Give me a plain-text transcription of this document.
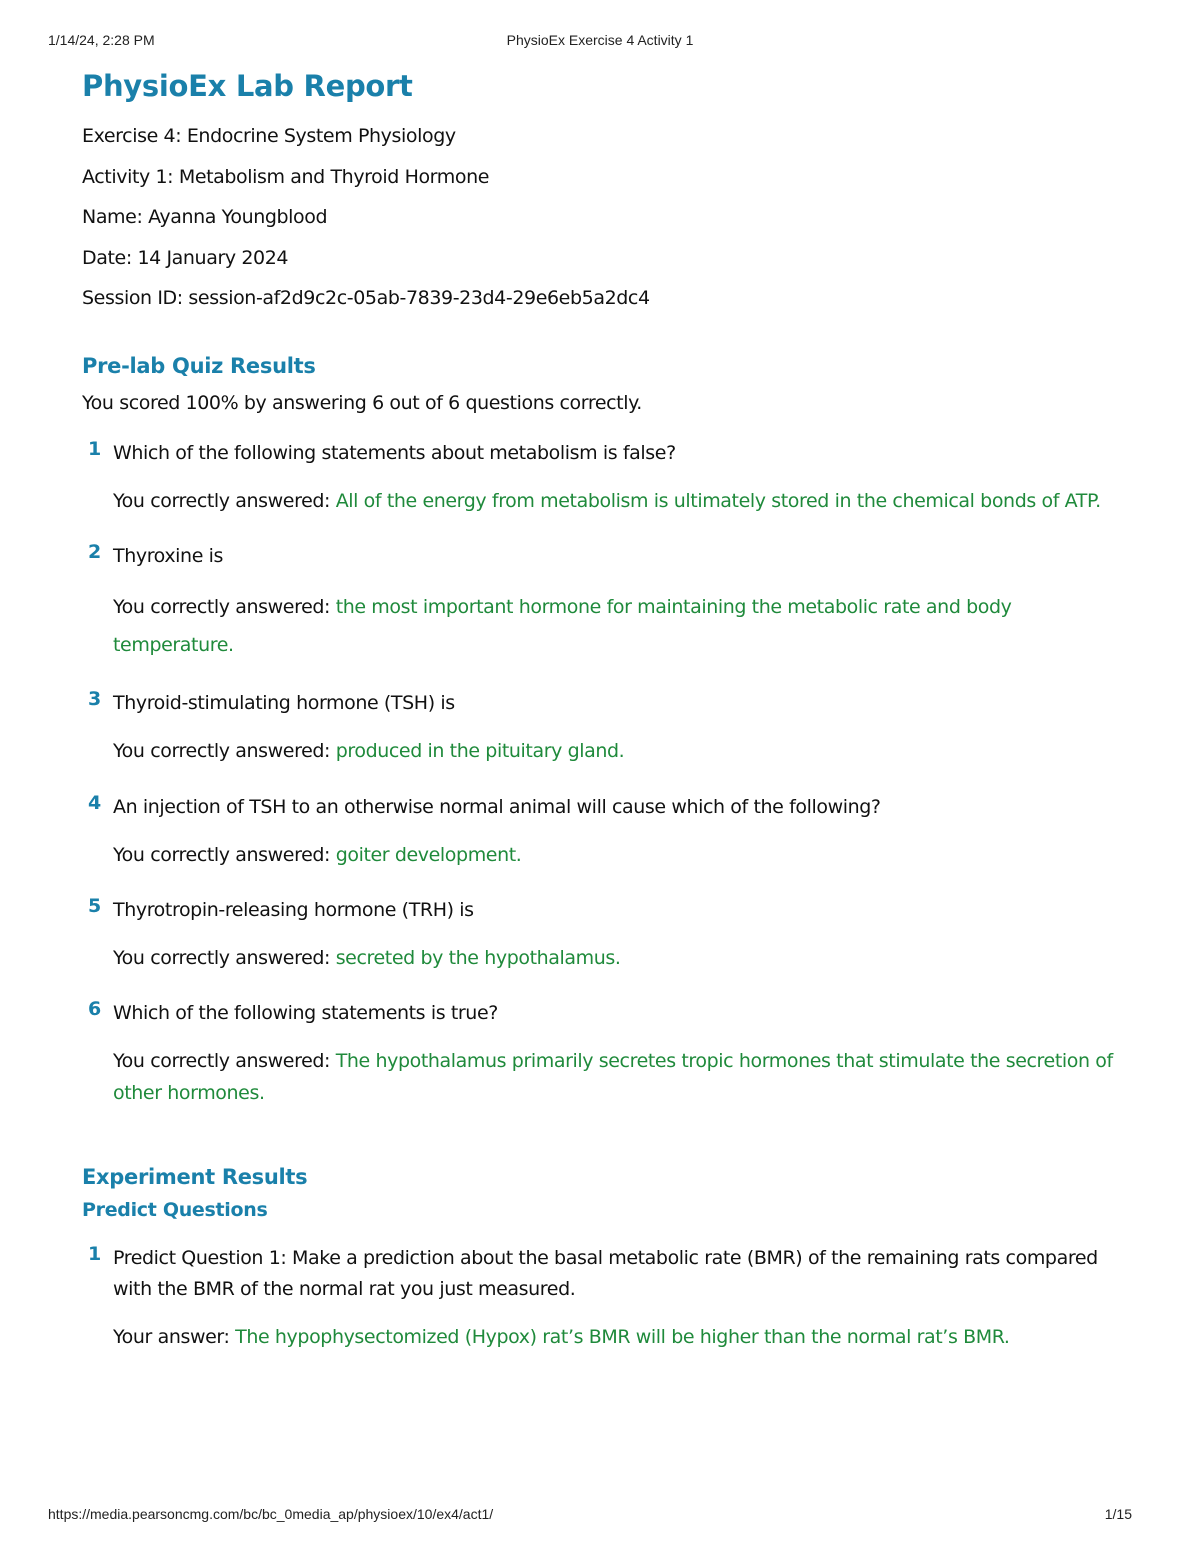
1/14/24, 2:28 PM	PhysioEx Exercise 4 Activity 1
PhysioEx Lab Report
Exercise 4: Endocrine System Physiology
Activity 1: Metabolism and Thyroid Hormone
Name: Ayanna Youngblood
Date: 14 January 2024
Session ID: session-af2d9c2c-05ab-7839-23d4-29e6eb5a2dc4
Pre-lab Quiz Results
You scored 100% by answering 6 out of 6 questions correctly.
1 Which of the following statements about metabolism is false?
You correctly answered: All of the energy from metabolism is ultimately stored in the chemical bonds of ATP.
2 Thyroxine is
You correctly answered: the most important hormone for maintaining the metabolic rate and body temperature.
3 Thyroid-stimulating hormone (TSH) is
You correctly answered: produced in the pituitary gland.
4 An injection of TSH to an otherwise normal animal will cause which of the following?
You correctly answered: goiter development.
5 Thyrotropin-releasing hormone (TRH) is
You correctly answered: secreted by the hypothalamus.
6 Which of the following statements is true?
You correctly answered: The hypothalamus primarily secretes tropic hormones that stimulate the secretion of other hormones.
Experiment Results
Predict Questions
1 Predict Question 1: Make a prediction about the basal metabolic rate (BMR) of the remaining rats compared with the BMR of the normal rat you just measured.
Your answer: The hypophysectomized (Hypox) rat’s BMR will be higher than the normal rat’s BMR.
https://media.pearsoncmg.com/bc/bc_0media_ap/physioex/10/ex4/act1/	1/15
